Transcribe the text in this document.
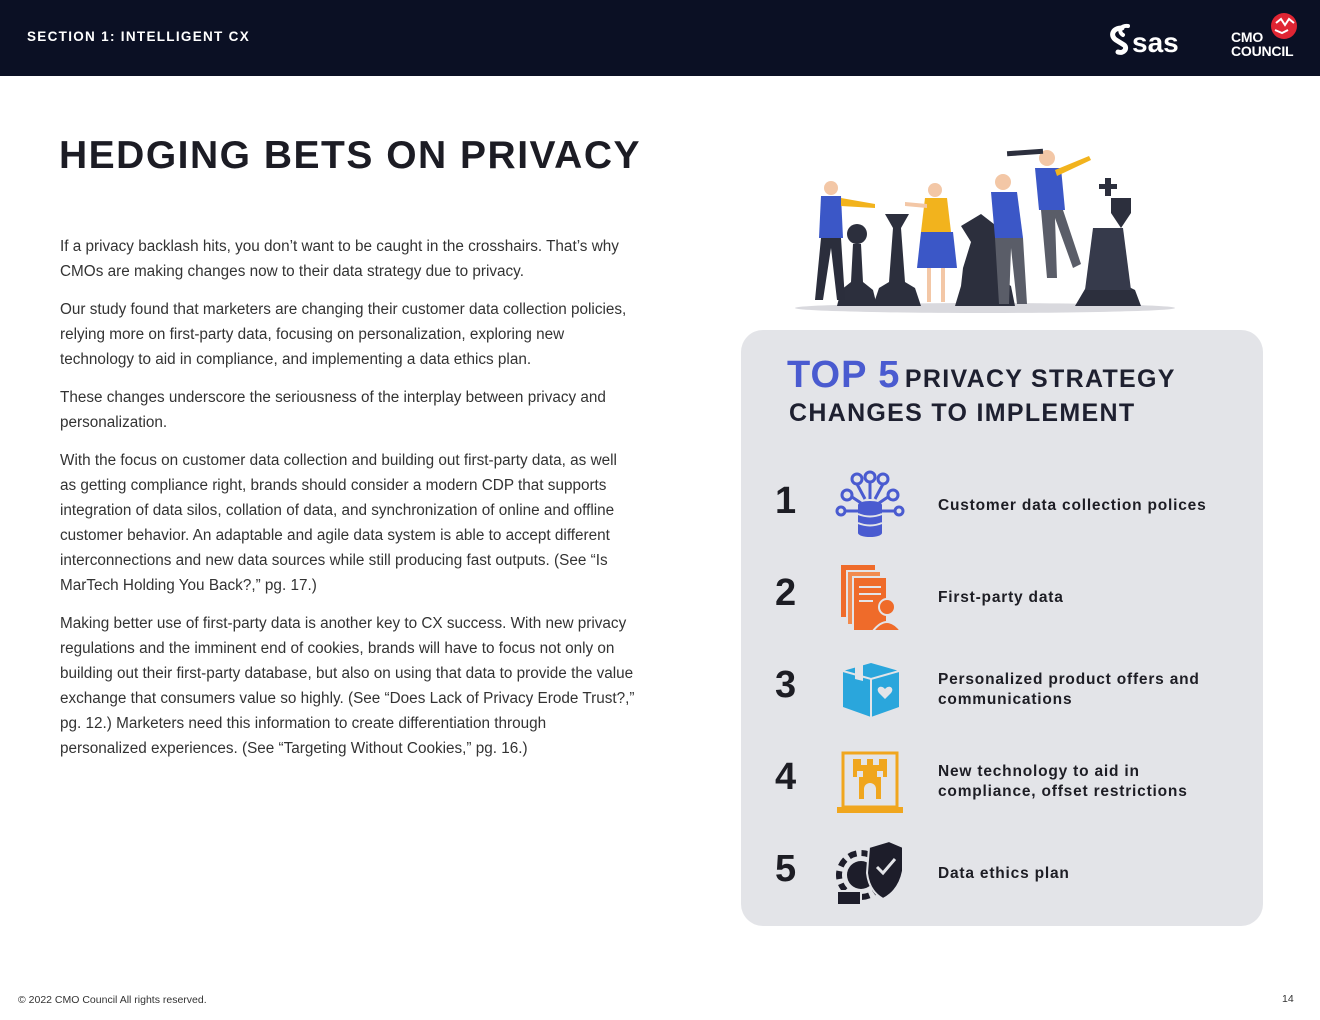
SECTION 1: INTELLIGENT CX	sas	CMO
COUNCIL
HEDGING BETS ON PRIVACY

If a privacy backlash hits, you don’t want to be caught in the crosshairs. That’s why CMOs are making changes now to their data strategy due to privacy.

Our study found that marketers are changing their customer data collection policies, relying more on first-party data, focusing on personalization, exploring new technology to aid in compliance, and implementing a data ethics plan.

These changes underscore the seriousness of the interplay between privacy and personalization.

With the focus on customer data collection and building out first-party data, as well as getting compliance right, brands should consider a modern CDP that supports integration of data silos, collation of data, and synchronization of online and offline customer behavior. An adaptable and agile data system is able to accept different interconnections and new data sources while still producing fast outputs. (See “Is MarTech Holding You Back?,” pg. 17.)

Making better use of first-party data is another key to CX success. With new privacy regulations and the imminent end of cookies, brands will have to focus not only on building out their first-party database, but also on using that data to provide the value exchange that consumers value so highly. (See “Does Lack of Privacy Erode Trust?,” pg. 12.) Marketers need this information to create differentiation through personalized experiences. (See “Targeting Without Cookies,” pg. 16.)

TOP 5 PRIVACY STRATEGY
CHANGES TO IMPLEMENT
1	Customer data collection polices
2	First-party data
3	Personalized product offers and communications
4	New technology to aid in compliance, offset restrictions
5	Data ethics plan
© 2022 CMO Council All rights reserved.	14
